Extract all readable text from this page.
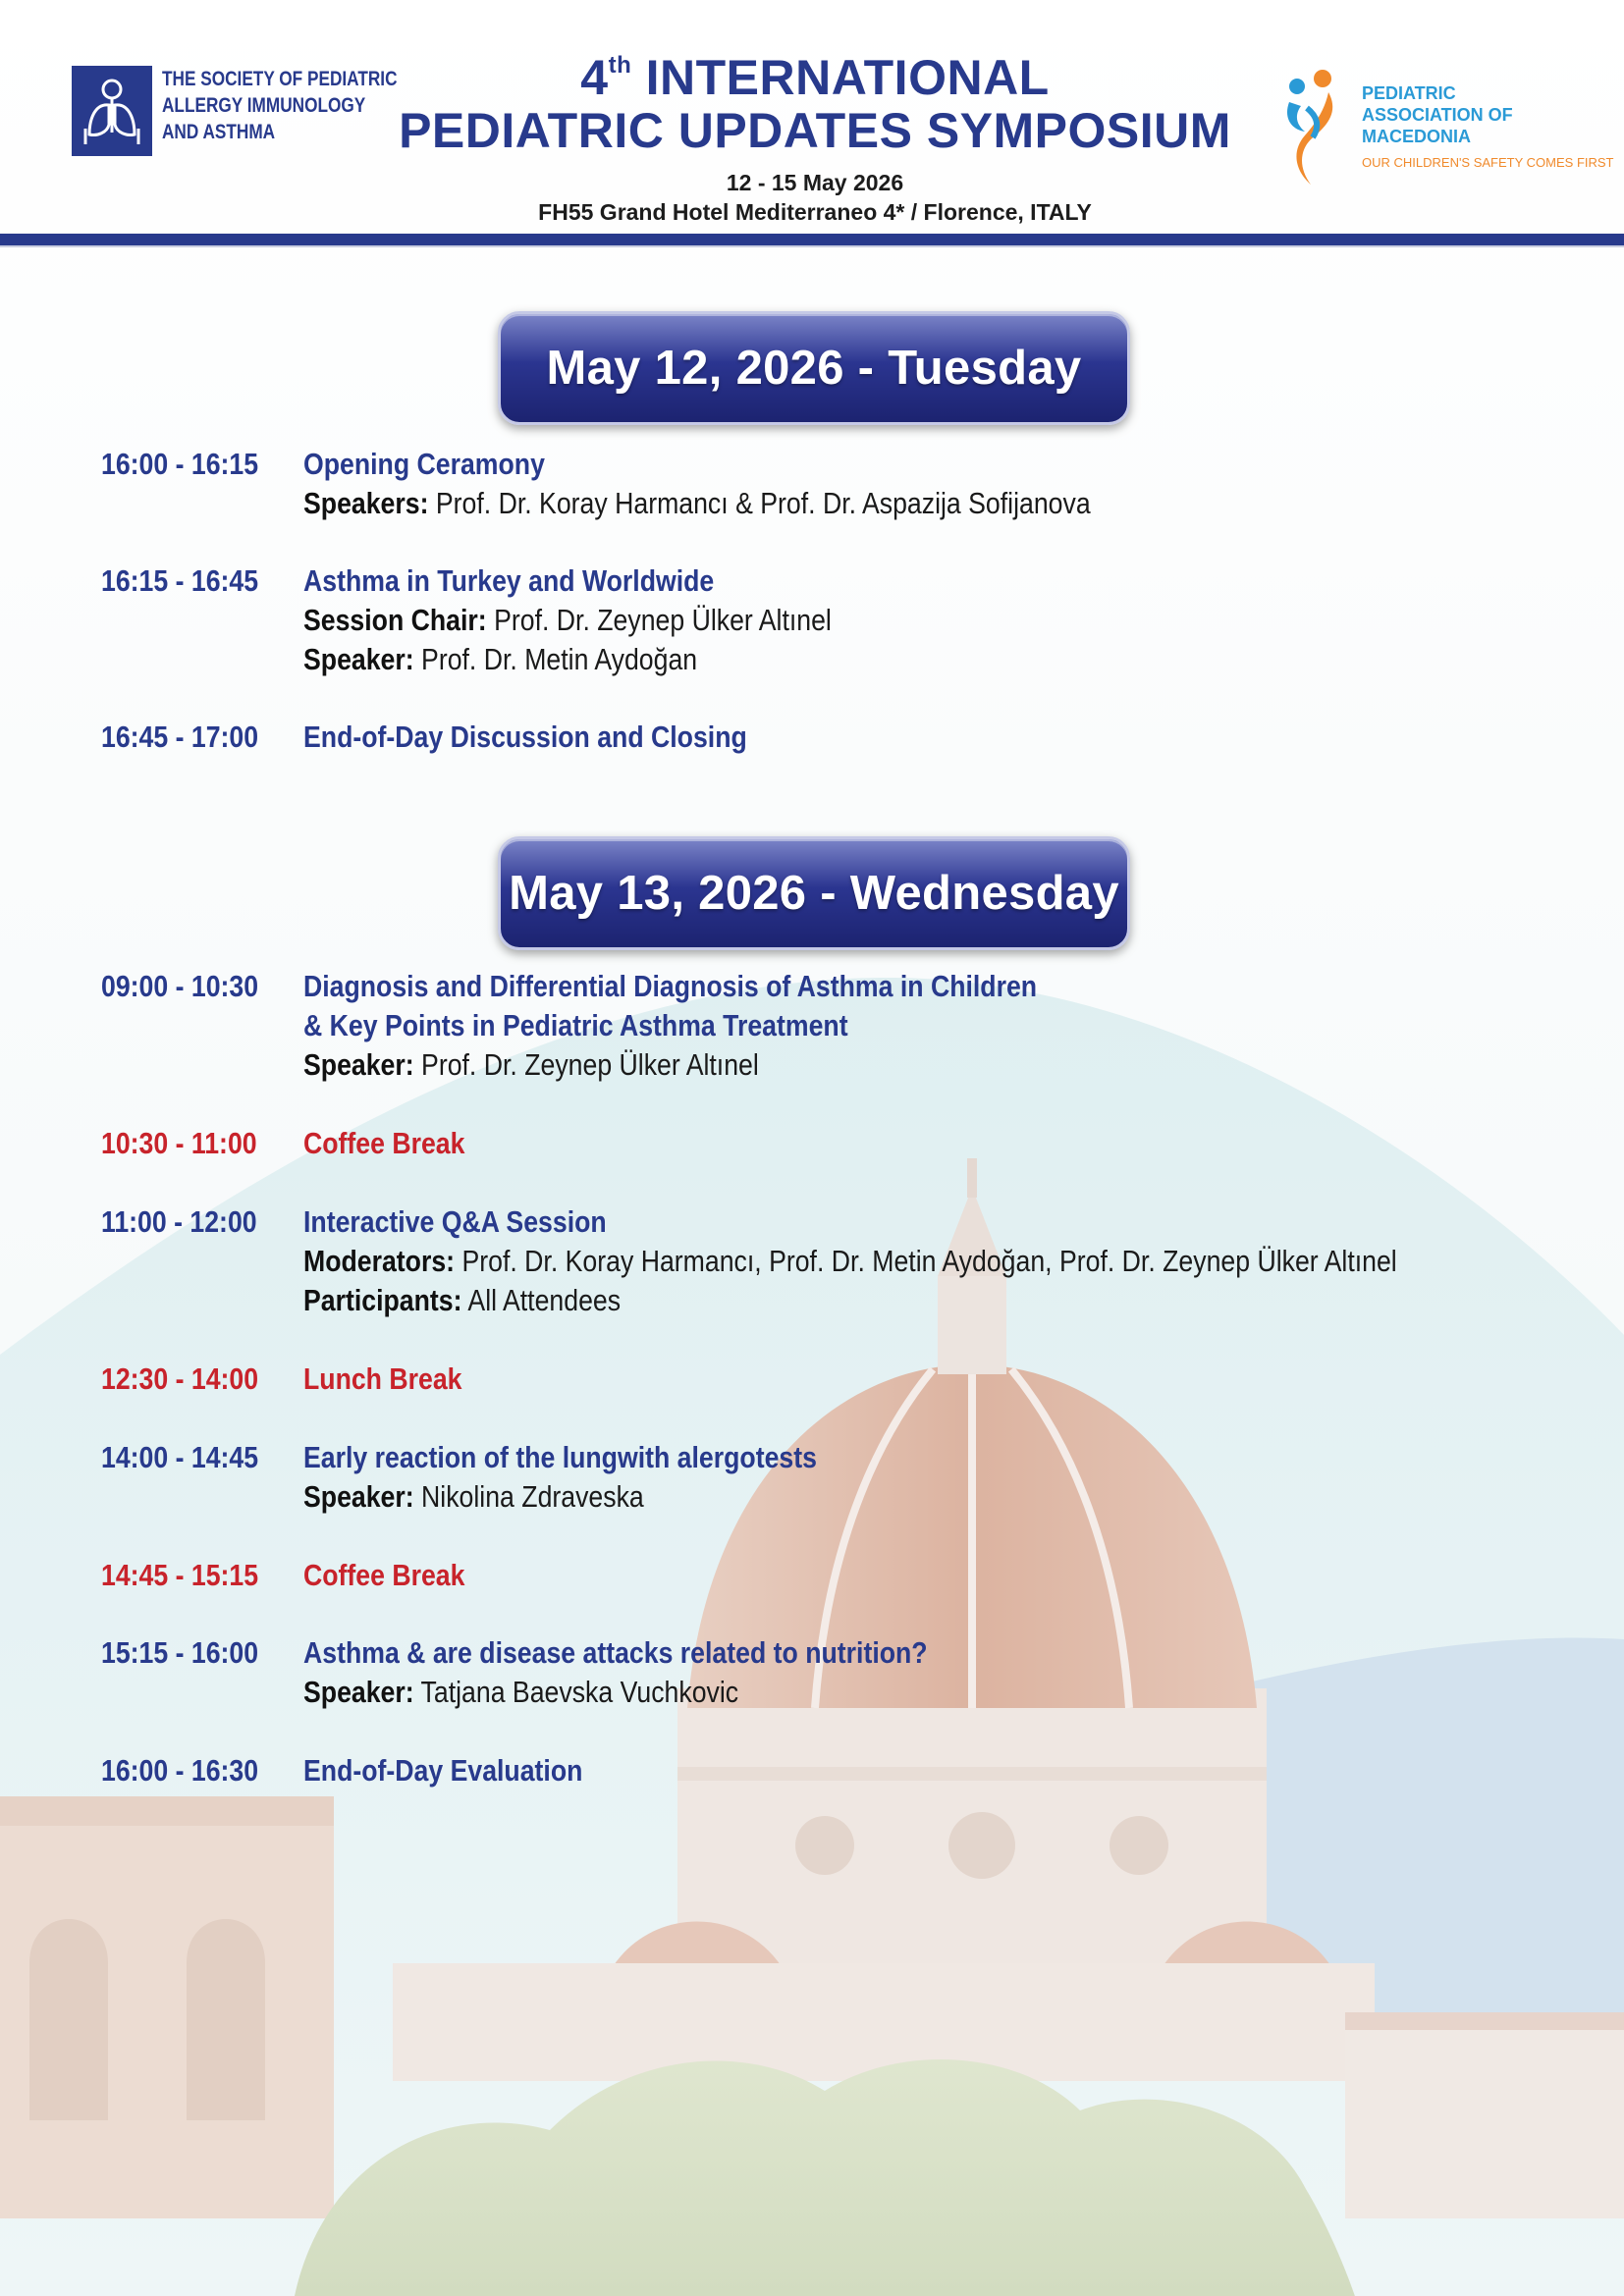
THE SOCIETY OF PEDIATRIC
ALLERGY IMMUNOLOGY
AND ASTHMA
4th INTERNATIONAL
PEDIATRIC UPDATES SYMPOSIUM
12 - 15 May 2026
FH55 Grand Hotel Mediterraneo 4* / Florence, ITALY
PEDIATRIC
ASSOCIATION OF
MACEDONIA
OUR CHILDREN'S SAFETY COMES FIRST
May 12, 2026 - Tuesday
May 13, 2026 - Wednesday
16:00 - 16:15	Opening Ceramony
Speakers: Prof. Dr. Koray Harmancı & Prof. Dr. Aspazija Sofijanova
16:15 - 16:45	Asthma in Turkey and Worldwide
Session Chair: Prof. Dr. Zeynep Ülker Altınel
Speaker: Prof. Dr. Metin Aydoğan
16:45 - 17:00	End-of-Day Discussion and Closing
09:00 - 10:30	Diagnosis and Differential Diagnosis of Asthma in Children
& Key Points in Pediatric Asthma Treatment
Speaker: Prof. Dr. Zeynep Ülker Altınel
10:30 - 11:00	Coffee Break
11:00 - 12:00	Interactive Q&A Session
Moderators: Prof. Dr. Koray Harmancı, Prof. Dr. Metin Aydoğan, Prof. Dr. Zeynep Ülker Altınel
Participants: All Attendees
12:30 - 14:00	Lunch Break
14:00 - 14:45	Early reaction of the lungwith alergotests
Speaker: Nikolina Zdraveska
14:45 - 15:15	Coffee Break
15:15 - 16:00	Asthma & are disease attacks related to nutrition?
Speaker: Tatjana Baevska Vuchkovic
16:00 - 16:30	End-of-Day Evaluation
